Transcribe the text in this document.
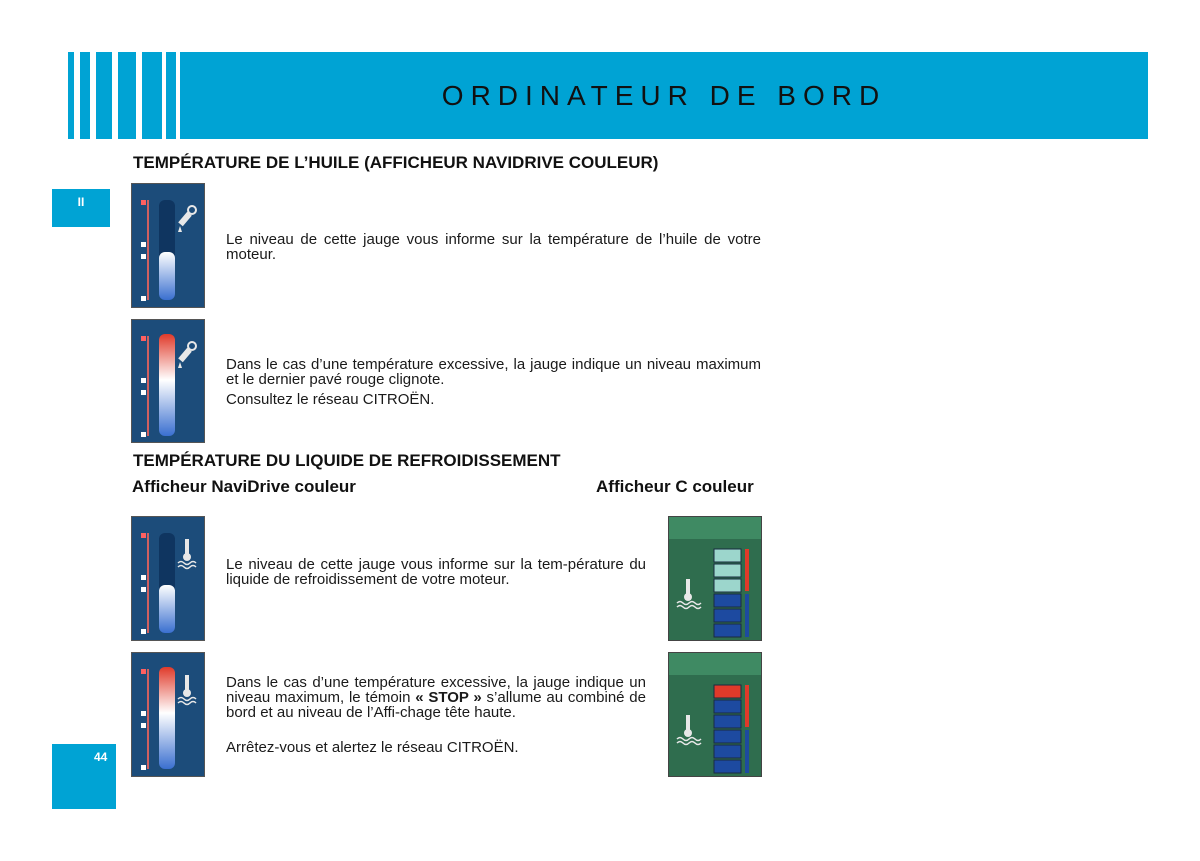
ORDINATEUR DE BORD
II
44
TEMPÉRATURE DE L’HUILE (AFFICHEUR NAVIDRIVE COULEUR)

Le niveau de cette jauge vous informe sur la température de l’huile de votre moteur.

Dans le cas d’une température excessive, la jauge indique un niveau maximum et le dernier pavé rouge clignote.

Consultez le réseau CITROËN.

TEMPÉRATURE DU LIQUIDE DE REFROIDISSEMENT
Afficheur NaviDrive couleur	Afficheur C couleur

Le niveau de cette jauge vous informe sur la tem-pérature du liquide de refroidissement de votre moteur.

Dans le cas d’une température excessive, la jauge indique un niveau maximum, le témoin « STOP » s’allume au combiné de bord et au niveau de l’Affi-chage tête haute.

Arrêtez-vous et alertez le réseau CITROËN.
